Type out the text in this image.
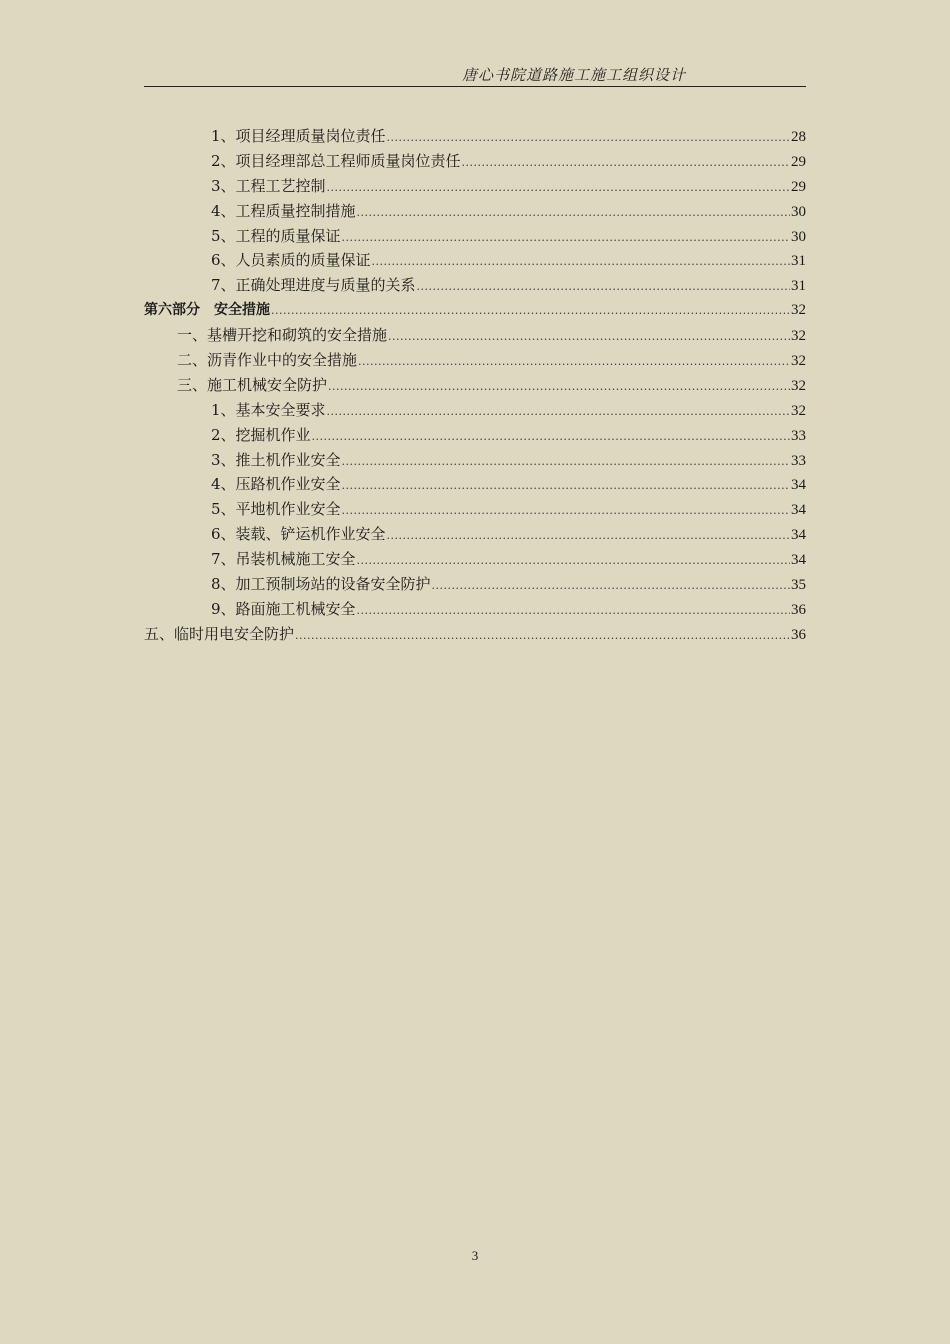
唐心书院道路施工施工组织设计
1、项目经理质量岗位责任 .....	28
2、项目经理部总工程师质量岗位责任 .....	29
3、工程工艺控制 .....	29
4、工程质量控制措施 .....	30
5、工程的质量保证 .....	30
6、人员素质的质量保证 .....	31
7、正确处理进度与质量的关系 .....	31
第六部分　安全措施 .....	32
一、基槽开挖和砌筑的安全措施 .....	32
二、沥青作业中的安全措施 .....	32
三、施工机械安全防护 .....	32
1、基本安全要求 .....	32
2、挖掘机作业 .....	33
3、推土机作业安全 .....	33
4、压路机作业安全 .....	34
5、平地机作业安全 .....	34
6、装载、铲运机作业安全 .....	34
7、吊装机械施工安全 .....	34
8、加工预制场站的设备安全防护 .....	35
9、路面施工机械安全 .....	36
五、临时用电安全防护 .....	36
3
